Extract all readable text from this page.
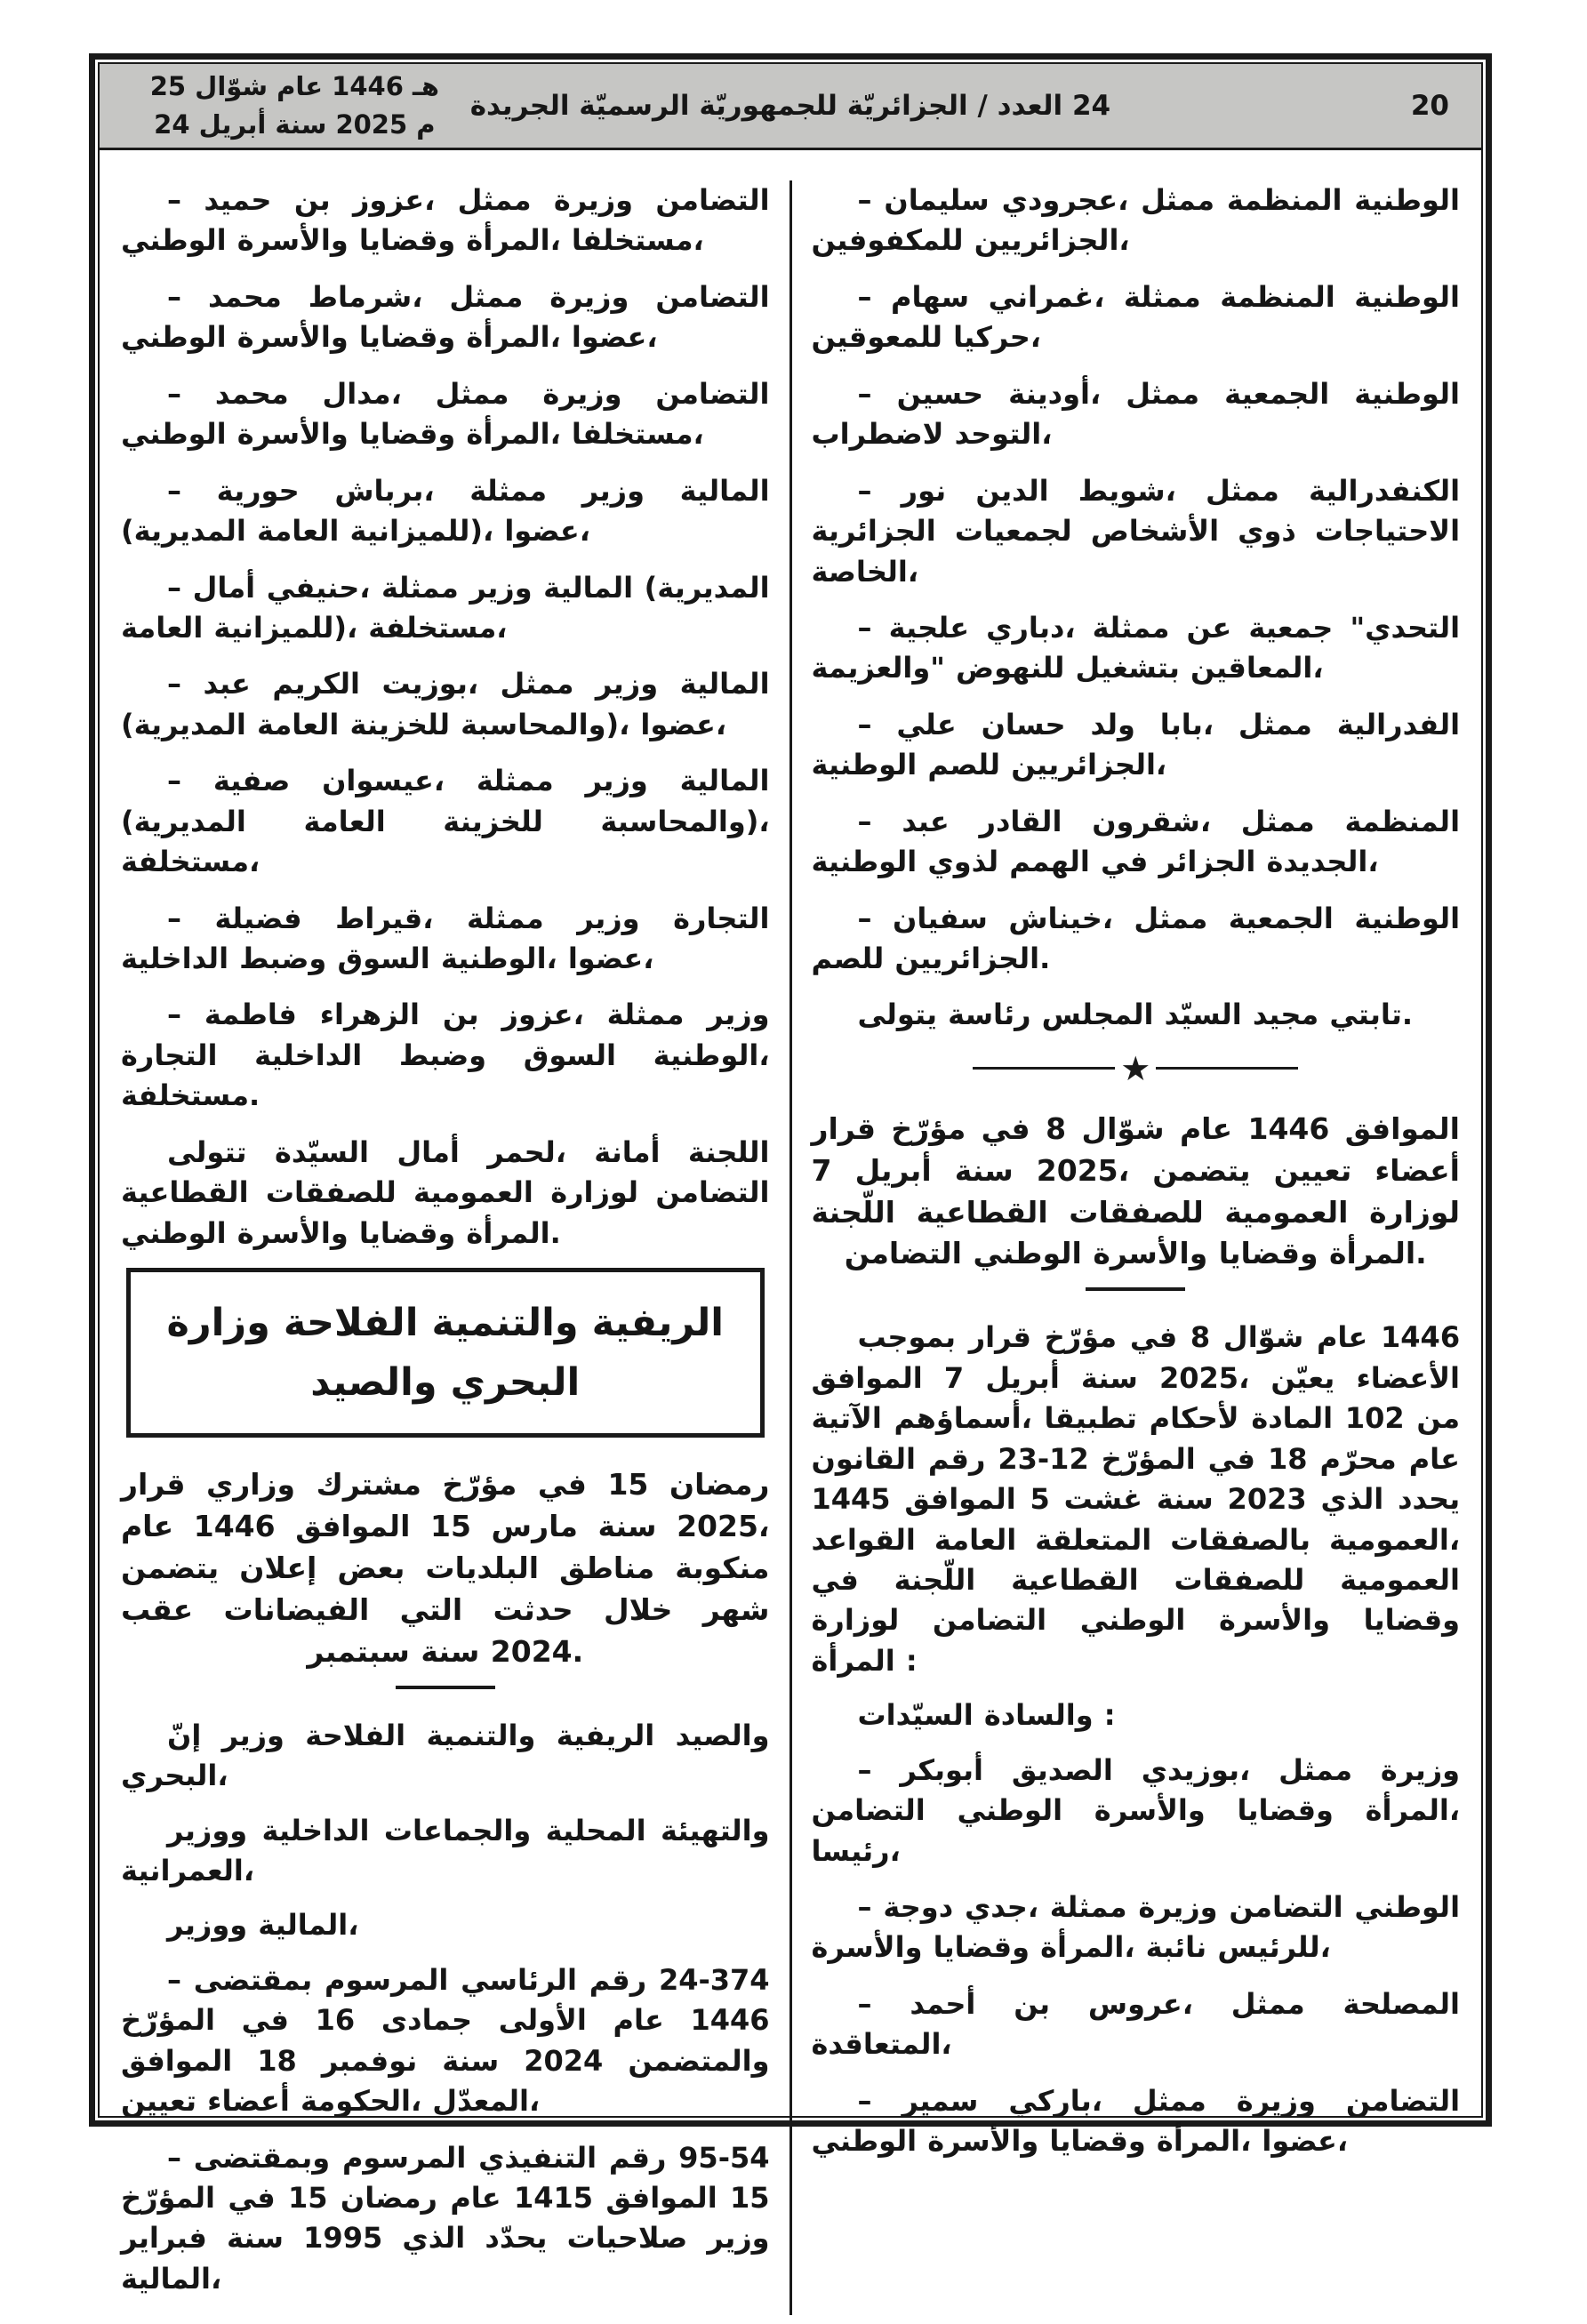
25 شوّال عام 1446 هـ
24 أبريل سنة 2025 م
الجريدة الرسميّة للجمهوريّة الجزائريّة / العدد 24	20

– حميد بن عزوز، ممثل وزيرة التضامن الوطني والأسرة وقضايا المرأة، مستخلفا،

– محمد شرماط، ممثل وزيرة التضامن الوطني والأسرة وقضايا المرأة، عضوا،

– محمد مدال، ممثل وزيرة التضامن الوطني والأسرة وقضايا المرأة، مستخلفا،

– حورية برباش، ممثلة وزير المالية (المديرية العامة للميزانية)، عضوا،

– أمال حنيفي، ممثلة وزير المالية (المديرية العامة للميزانية)، مستخلفة،

– عبد الكريم بوزيت، ممثل وزير المالية (المديرية العامة للخزينة والمحاسبة)، عضوا،

– صفية عيسوان، ممثلة وزير المالية (المديرية العامة للخزينة والمحاسبة)، مستخلفة،

– فضيلة قيراط، ممثلة وزير التجارة الداخلية وضبط السوق الوطنية، عضوا،

– فاطمة الزهراء بن عزوز، ممثلة وزير التجارة الداخلية وضبط السوق الوطنية، مستخلفة.

تتولى السيّدة أمال لحمر، أمانة اللجنة القطاعية للصفقات العمومية لوزارة التضامن الوطني والأسرة وقضايا المرأة.

وزارة الفلاحة والتنمية الريفية
والصيد البحري

قرار وزاري مشترك مؤرّخ في 15 رمضان عام 1446 الموافق 15 مارس سنة 2025، يتضمن إعلان بعض البلديات مناطق منكوبة عقب الفيضانات التي حدثت خلال شهر سبتمبر سنة 2024.

إنّ وزير الفلاحة والتنمية الريفية والصيد البحري،

ووزير الداخلية والجماعات المحلية والتهيئة العمرانية،

ووزير المالية،

– بمقتضى المرسوم الرئاسي رقم 24-374 المؤرّخ في 16 جمادى الأولى عام 1446 الموافق 18 نوفمبر سنة 2024 والمتضمن تعيين أعضاء الحكومة، المعدّل،

– وبمقتضى المرسوم التنفيذي رقم 95-54 المؤرّخ في 15 رمضان عام 1415 الموافق 15 فبراير سنة 1995 الذي يحدّد صلاحيات وزير المالية،

– سليمان عجرودي، ممثل المنظمة الوطنية للمكفوفين الجزائريين،

– سهام غمراني، ممثلة المنظمة الوطنية للمعوقين حركيا،

– حسين أودينة، ممثل الجمعية الوطنية لاضطراب التوحد،

– نور الدين شويط، ممثل الكنفدرالية الجزائرية لجمعيات الأشخاص ذوي الاحتياجات الخاصة،

– علجية دباري، ممثلة عن جمعية "التحدي والعزيمة" للنهوض بتشغيل المعاقين،

– علي حسان ولد بابا، ممثل الفدرالية الوطنية للصم الجزائريين،

– عبد القادر شقرون، ممثل المنظمة الوطنية لذوي الهمم في الجزائر الجديدة،

– سفيان خيناش، ممثل الجمعية الوطنية للصم الجزائريين.

يتولى رئاسة المجلس السيّد مجيد تابتي.

★

قرار مؤرّخ في 8 شوّال عام 1446 الموافق 7 أبريل سنة 2025، يتضمن تعيين أعضاء اللّجنة القطاعية للصفقات العمومية لوزارة التضامن الوطني والأسرة وقضايا المرأة.

بموجب قرار مؤرّخ في 8 شوّال عام 1446 الموافق 7 أبريل سنة 2025، يعيّن الأعضاء الآتية أسماؤهم، تطبيقا لأحكام المادة 102 من القانون رقم 23-12 المؤرّخ في 18 محرّم عام 1445 الموافق 5 غشت سنة 2023 الذي يحدد القواعد العامة المتعلقة بالصفقات العمومية، في اللّجنة القطاعية للصفقات العمومية لوزارة التضامن الوطني والأسرة وقضايا المرأة :

السيّدات والسادة :

– أبوبكر الصديق بوزيدي، ممثل وزيرة التضامن الوطني والأسرة وقضايا المرأة، رئيسا،

– دوجة جدي، ممثلة وزيرة التضامن الوطني والأسرة وقضايا المرأة، نائبة للرئيس،

– أحمد بن عروس، ممثل المصلحة المتعاقدة،

– سمير باركي، ممثل وزيرة التضامن الوطني والأسرة وقضايا المرأة، عضوا،
